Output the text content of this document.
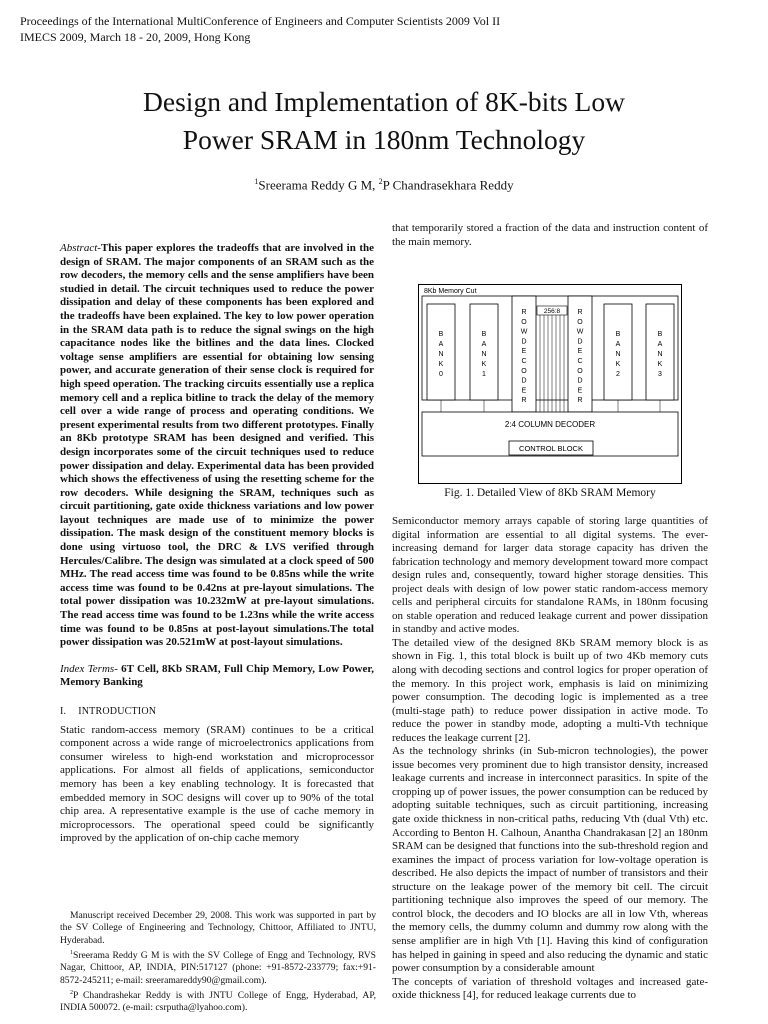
Proceedings of the International MultiConference of Engineers and Computer Scientists 2009 Vol II
IMECS 2009, March 18 - 20, 2009, Hong Kong
Design and Implementation of 8K-bits Low
Power SRAM in 180nm Technology
$^1$Sreerama Reddy G M, $^2$P Chandrasekhara Reddy
Abstract-This paper explores the tradeoffs that are involved in the design of SRAM. The major components of an SRAM such as the row decoders, the memory cells and the sense amplifiers have been studied in detail. The circuit techniques used to reduce the power dissipation and delay of these components has been explored and the tradeoffs have been explained. The key to low power operation in the SRAM data path is to reduce the signal swings on the high capacitance nodes like the bitlines and the data lines. Clocked voltage sense amplifiers are essential for obtaining low sensing power, and accurate generation of their sense clock is required for high speed operation. The tracking circuits essentially use a replica memory cell and a replica bitline to track the delay of the memory cell over a wide range of process and operating conditions. We present experimental results from two different prototypes. Finally an 8Kb prototype SRAM has been designed and verified. This design incorporates some of the circuit techniques used to reduce power dissipation and delay. Experimental data has been provided which shows the effectiveness of using the resetting scheme for the row decoders. While designing the SRAM, techniques such as circuit partitioning, gate oxide thickness variations and low power layout techniques are made use of to minimize the power dissipation. The mask design of the constituent memory blocks is done using virtuoso tool, the DRC & LVS verified through Hercules/Calibre. The design was simulated at a clock speed of 500 MHz. The read access time was found to be 0.85ns while the write access time was found to be 0.42ns at pre-layout simulations. The total power dissipation was 10.232mW at pre-layout simulations. The read access time was found to be 1.23ns while the write access time was found to be 0.85ns at post-layout simulations.The total power dissipation was 20.521mW at post-layout simulations.
Index Terms- 6T Cell, 8Kb SRAM, Full Chip Memory, Low Power, Memory Banking
I. INTRODUCTION

Static random-access memory (SRAM) continues to be a critical component across a wide range of microelectronics applications from consumer wireless to high-end workstation and microprocessor applications. For almost all fields of applications, semiconductor memory has been a key enabling technology. It is forecasted that embedded memory in SOC designs will cover up to 90% of the total chip area. A representative example is the use of cache memory in microprocessors. The operational speed could be significantly improved by the application of on-chip cache memory

Manuscript received December 29, 2008. This work was supported in part by the SV College of Engineering and Technology, Chittoor, Affiliated to JNTU, Hyderabad.

$^1$Sreerama Reddy G M is with the SV College of Engg and Technology, RVS Nagar, Chittoor, AP, INDIA, PIN:517127 (phone: +91-8572-233779; fax:+91-8572-245211; e-mail: sreeramareddy90@gmail.com).

$^2$P Chandrashekar Reddy is with JNTU College of Engg, Hyderabad, AP, INDIA 500072. (e-mail: csrputha@lyahoo.com).

that temporarily stored a fraction of the data and instruction content of the main memory.

8Kb Memory Cut
B A N K 0
B A N K 1
R O W D E C O D E R
256:8 R O W D E C O D E R
B A N K 2
B A N K 3
2:4 COLUMN DECODER
CONTROL BLOCK
Fig. 1. Detailed View of 8Kb SRAM Memory

Semiconductor memory arrays capable of storing large quantities of digital information are essential to all digital systems. The ever-increasing demand for larger data storage capacity has driven the fabrication technology and memory development toward more compact design rules and, consequently, toward higher storage densities. This project deals with design of low power static random-access memory cells and peripheral circuits for standalone RAMs, in 180nm focusing on stable operation and reduced leakage current and power dissipation in standby and active modes.

The detailed view of the designed 8Kb SRAM memory block is as shown in Fig. 1, this total block is built up of two 4Kb memory cuts along with decoding sections and control logics for proper operation of the memory. In this project work, emphasis is laid on minimizing power consumption. The decoding logic is implemented as a tree (multi-stage path) to reduce power dissipation in active mode. To reduce the power in standby mode, adopting a multi-Vth technique reduces the leakage current [2].

As the technology shrinks (in Sub-micron technologies), the power issue becomes very prominent due to high transistor density, increased leakage currents and increase in interconnect parasitics. In spite of the cropping up of power issues, the power consumption can be reduced by adopting suitable techniques, such as circuit partitioning, increasing gate oxide thickness in non-critical paths, reducing Vth (dual Vth) etc. According to Benton H. Calhoun, Anantha Chandrakasan [2] an 180nm SRAM can be designed that functions into the sub-threshold region and examines the impact of process variation for low-voltage operation is described. He also depicts the impact of number of transistors and their structure on the leakage power of the memory bit cell. The circuit partitioning technique also improves the speed of our memory. The control block, the decoders and IO blocks are all in low Vth, whereas the memory cells, the dummy column and dummy row along with the sense amplifier are in high Vth [1]. Having this kind of configuration has helped in gaining in speed and also reducing the dynamic and static power consumption by a considerable amount

The concepts of variation of threshold voltages and increased gate-oxide thickness [4], for reduced leakage currents due to
